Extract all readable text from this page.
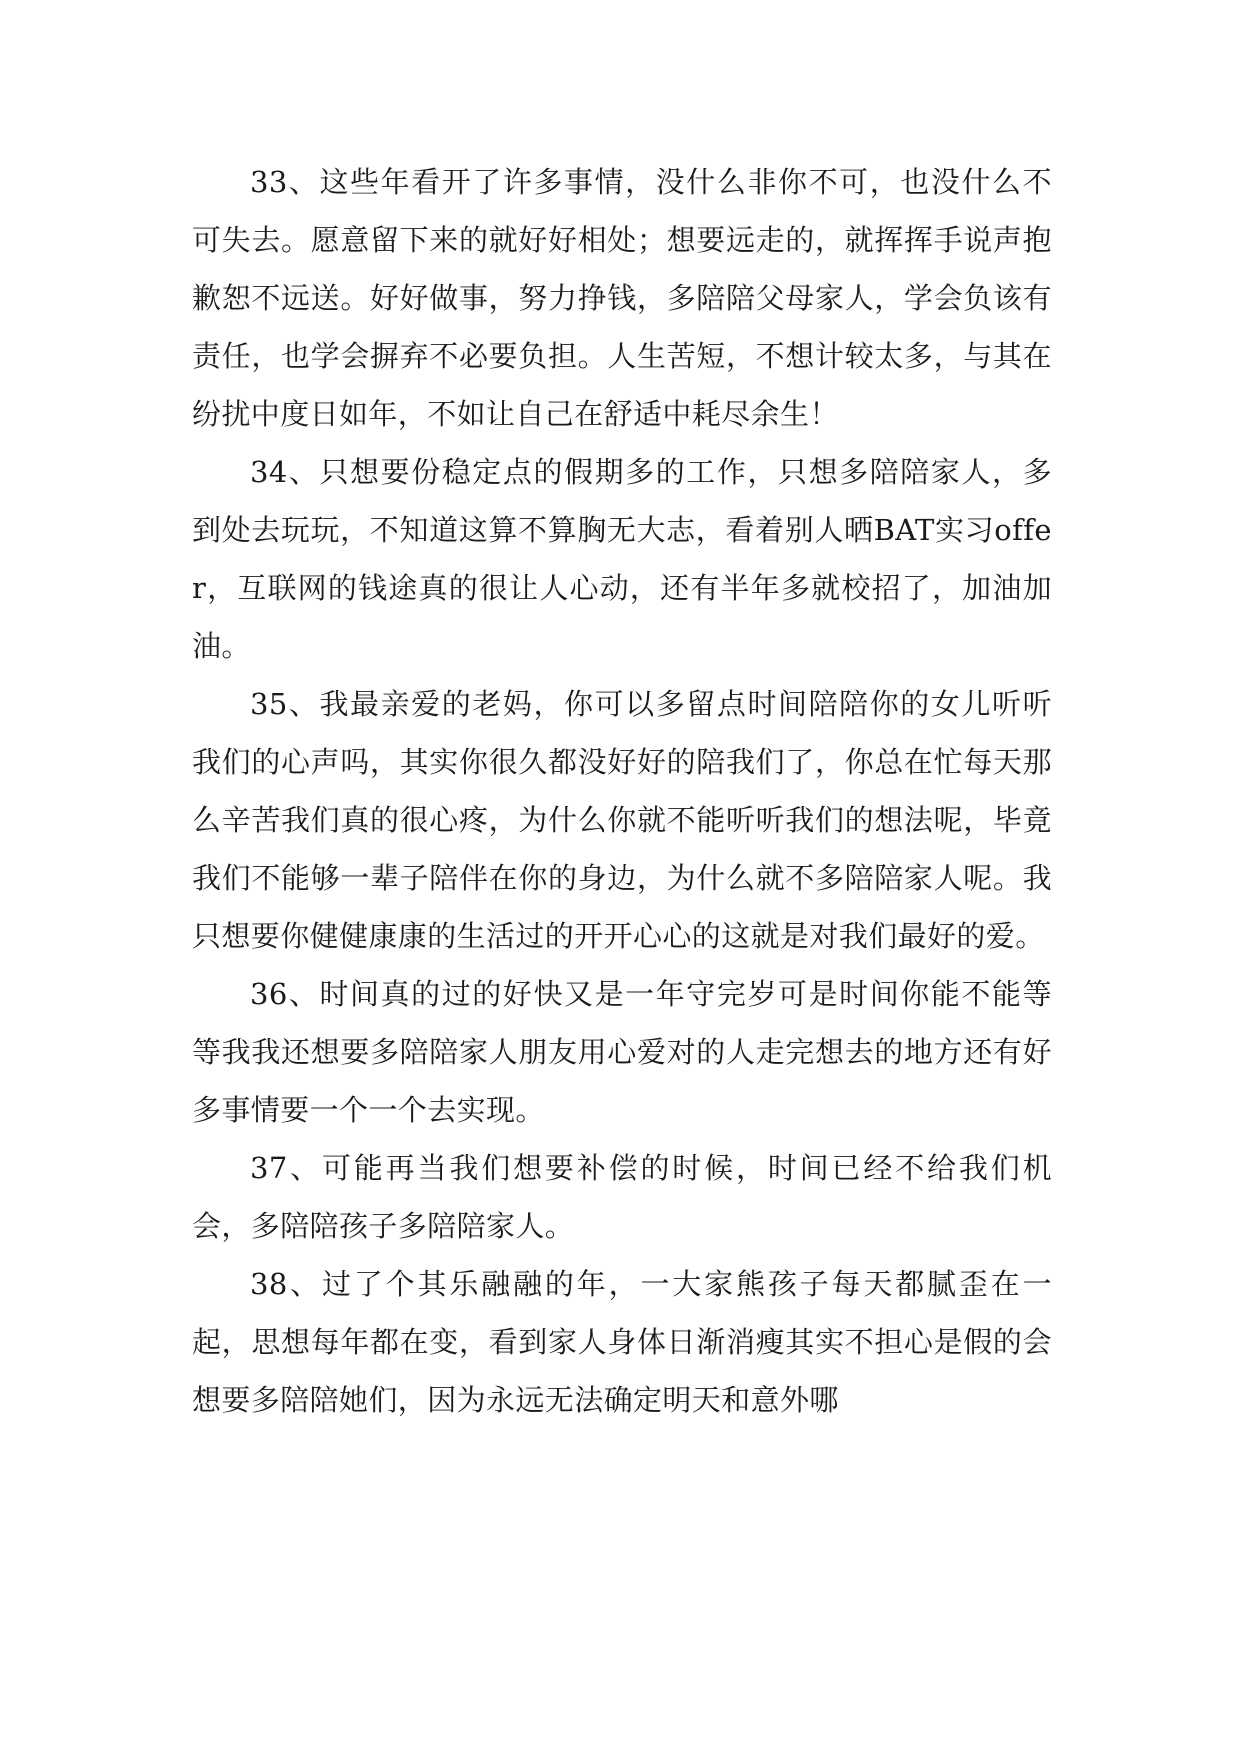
33、这些年看开了许多事情，没什么非你不可，也没什么不可失去。愿意留下来的就好好相处；想要远走的，就挥挥手说声抱歉恕不远送。好好做事，努力挣钱，多陪陪父母家人，学会负该有责任，也学会摒弃不必要负担。人生苦短，不想计较太多，与其在纷扰中度日如年，不如让自己在舒适中耗尽余生！

34、只想要份稳定点的假期多的工作，只想多陪陪家人，多到处去玩玩，不知道这算不算胸无大志，看着别人晒BAT实习offer，互联网的钱途真的很让人心动，还有半年多就校招了，加油加油。

35、我最亲爱的老妈，你可以多留点时间陪陪你的女儿听听我们的心声吗，其实你很久都没好好的陪我们了，你总在忙每天那么辛苦我们真的很心疼，为什么你就不能听听我们的想法呢，毕竟我们不能够一辈子陪伴在你的身边，为什么就不多陪陪家人呢。我只想要你健健康康的生活过的开开心心的这就是对我们最好的爱。

36、时间真的过的好快又是一年守完岁可是时间你能不能等等我我还想要多陪陪家人朋友用心爱对的人走完想去的地方还有好多事情要一个一个去实现。

37、可能再当我们想要补偿的时候，时间已经不给我们机会，多陪陪孩子多陪陪家人。

38、过了个其乐融融的年，一大家熊孩子每天都腻歪在一起，思想每年都在变，看到家人身体日渐消瘦其实不担心是假的会想要多陪陪她们，因为永远无法确定明天和意外哪
